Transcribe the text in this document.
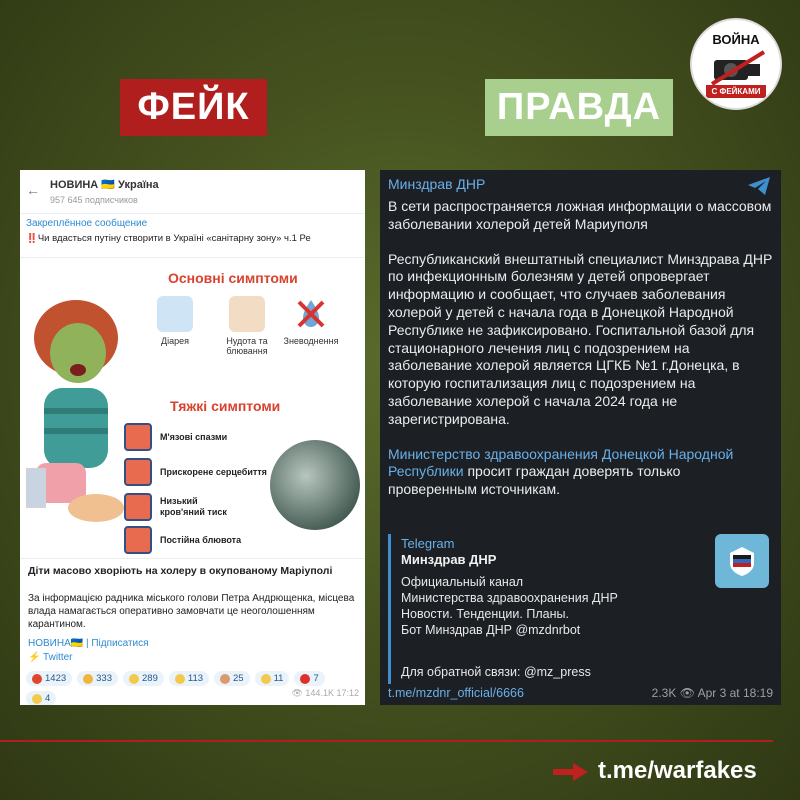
ФЕЙК	ПРАВДА
ВОЙНА
С ФЕЙКАМИ
← НОВИНА 🇺🇦 Україна
957 645 подписчиков
Закреплённое сообщение
‼️Чи вдасться путіну створити в Україні «санітарну зону» ч.1 Ре
Основні симптоми
Діарея	Нудота та блювання
Зневоднення
Тяжкі симптоми
М'язові спазми
Прискорене серцебиття
Низький кров'яний тиск
Постійна блювота
Діти масово хворіють на холеру в окупованому Маріуполі
За інформацією радника міського голови Петра Андрющенка, місцева влада намагається оперативно замовчати це неоголошенням карантином.
НОВИНА🇺🇦 | Підписатися
⚡ Twitter
1423	333	289	113	25	11	7
4	👁 144.1K 17:12
Минздрав ДНР

В сети распространяется ложная информации о массовом заболевании холерой детей Мариуполя

Республиканский внештатный специалист Минздрава ДНР по инфекционным болезням у детей опровергает информацию и сообщает, что случаев заболевания холерой у детей с начала года в Донецкой Народной Республике не зафиксировано. Госпитальной базой для стационарного лечения лиц с подозрением на заболевание холерой является ЦГКБ №1 г.Донецка, в которую госпитализация лиц с подозрением на заболевание холерой с начала 2024 года не зарегистрирована.

Министерство здравоохранения Донецкой Народной Республики просит граждан доверять только проверенным источникам.

Telegram
Минздрав ДНР
Официальный канал
Министерства здравоохранения ДНР
Новости. Тенденции. Планы.
Бот Минздрав ДНР @mzdnrbot
Для обратной связи: @mz_press
t.me/mzdnr_official/6666	2.3K 👁 Apr 3 at 18:19
t.me/warfakes
